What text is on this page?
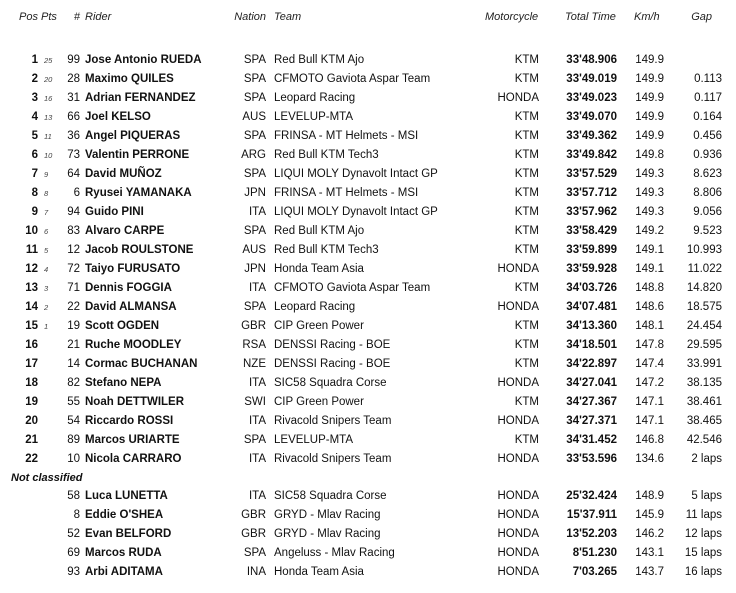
Pos Pts	# Rider	Nation Team	Motorcycle Total Time Km/h	Gap
1 25	99 Jose Antonio RUEDA	SPA Red Bull KTM Ajo	KTM 33'48.906 149.9
2 20	28 Maximo QUILES	SPA CFMOTO Gaviota Aspar Team	KTM 33'49.019 149.9	0.113
3 16	31 Adrian FERNANDEZ	SPA Leopard Racing	HONDA 33'49.023 149.9	0.117
4 13	66 Joel KELSO	AUS LEVELUP-MTA	KTM 33'49.070 149.9	0.164
5 11	36 Angel PIQUERAS	SPA FRINSA - MT Helmets - MSI	KTM 33'49.362 149.9	0.456
6 10	73 Valentin PERRONE	ARG Red Bull KTM Tech3	KTM 33'49.842 149.8	0.936
7 9	64 David MUÑOZ	SPA LIQUI MOLY Dynavolt Intact GP	KTM 33'57.529 149.3	8.623
8 8	6 Ryusei YAMANAKA	JPN FRINSA - MT Helmets - MSI	KTM 33'57.712 149.3	8.806
9 7	94 Guido PINI	ITA LIQUI MOLY Dynavolt Intact GP	KTM 33'57.962 149.3	9.056
10 6	83 Alvaro CARPE	SPA Red Bull KTM Ajo	KTM 33'58.429 149.2	9.523
11 5	12 Jacob ROULSTONE	AUS Red Bull KTM Tech3	KTM 33'59.899 149.1	10.993
12 4	72 Taiyo FURUSATO	JPN Honda Team Asia	HONDA 33'59.928 149.1	11.022
13 3	71 Dennis FOGGIA	ITA CFMOTO Gaviota Aspar Team	KTM 34'03.726 148.8	14.820
14 2	22 David ALMANSA	SPA Leopard Racing	HONDA 34'07.481 148.6	18.575
15 1	19 Scott OGDEN	GBR CIP Green Power	KTM 34'13.360 148.1	24.454
16	21 Ruche MOODLEY	RSA DENSSI Racing - BOE	KTM 34'18.501 147.8	29.595
17	14 Cormac BUCHANAN	NZE DENSSI Racing - BOE	KTM 34'22.897 147.4	33.991
18	82 Stefano NEPA	ITA SIC58 Squadra Corse	HONDA 34'27.041 147.2	38.135
19	55 Noah DETTWILER	SWI CIP Green Power	KTM 34'27.367 147.1	38.461
20	54 Riccardo ROSSI	ITA Rivacold Snipers Team	HONDA 34'27.371 147.1	38.465
21	89 Marcos URIARTE	SPA LEVELUP-MTA	KTM 34'31.452 146.8	42.546
22	10 Nicola CARRARO	ITA Rivacold Snipers Team	HONDA 33'53.596 134.6	2 laps
Not classified
58 Luca LUNETTA	ITA SIC58 Squadra Corse	HONDA 25'32.424 148.9	5 laps
8 Eddie O'SHEA	GBR GRYD - Mlav Racing	HONDA	15'37.911 145.9	11 laps
52 Evan BELFORD	GBR GRYD - Mlav Racing	HONDA 13'52.203 146.2	12 laps
69 Marcos RUDA	SPA Angeluss - Mlav Racing	HONDA	8'51.230 143.1	15 laps
93 Arbi ADITAMA	INA Honda Team Asia	HONDA	7'03.265 143.7	16 laps
